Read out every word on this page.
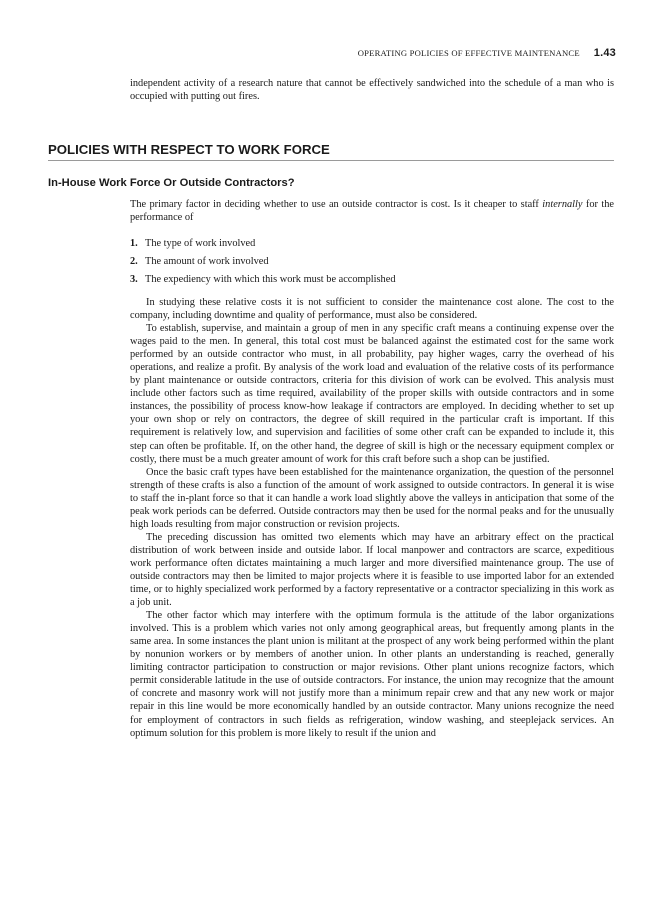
OPERATING POLICIES OF EFFECTIVE MAINTENANCE 1.43

independent activity of a research nature that cannot be effectively sandwiched into the schedule of a man who is occupied with putting out fires.

POLICIES WITH RESPECT TO WORK FORCE
In-House Work Force Or Outside Contractors?

The primary factor in deciding whether to use an outside contractor is cost. Is it cheaper to staff internally for the performance of

1. The type of work involved
2. The amount of work involved
3. The expediency with which this work must be accomplished

In studying these relative costs it is not sufficient to consider the maintenance cost alone. The cost to the company, including downtime and quality of performance, must also be considered.

To establish, supervise, and maintain a group of men in any specific craft means a continuing expense over the wages paid to the men. In general, this total cost must be balanced against the estimated cost for the same work performed by an outside contractor who must, in all probability, pay higher wages, carry the overhead of his operations, and realize a profit. By analysis of the work load and evaluation of the relative costs of its performance by plant maintenance or outside contractors, criteria for this division of work can be evolved. This analysis must include other factors such as time required, availability of the proper skills with outside contractors and in some instances, the possibility of process know-how leakage if contractors are employed. In deciding whether to set up your own shop or rely on contractors, the degree of skill required in the particular craft is important. If this requirement is relatively low, and supervision and facilities of some other craft can be expanded to include it, this step can often be profitable. If, on the other hand, the degree of skill is high or the necessary equipment complex or costly, there must be a much greater amount of work for this craft before such a shop can be justified.

Once the basic craft types have been established for the maintenance organization, the question of the personnel strength of these crafts is also a function of the amount of work assigned to outside contractors. In general it is wise to staff the in-plant force so that it can handle a work load slightly above the valleys in anticipation that some of the peak work periods can be deferred. Outside contractors may then be used for the normal peaks and for the unusually high loads resulting from major construction or revision projects.

The preceding discussion has omitted two elements which may have an arbitrary effect on the practical distribution of work between inside and outside labor. If local manpower and contractors are scarce, expeditious work performance often dictates maintaining a much larger and more diversified maintenance group. The use of outside contractors may then be limited to major projects where it is feasible to use imported labor for an extended time, or to highly specialized work performed by a factory representative or a contractor specializing in this work as a job unit.

The other factor which may interfere with the optimum formula is the attitude of the labor organizations involved. This is a problem which varies not only among geographical areas, but frequently among plants in the same area. In some instances the plant union is militant at the prospect of any work being performed within the plant by nonunion workers or by members of another union. In other plants an understanding is reached, generally limiting contractor participation to construction or major revisions. Other plant unions recognize factors, which permit considerable latitude in the use of outside contractors. For instance, the union may recognize that the amount of concrete and masonry work will not justify more than a minimum repair crew and that any new work or major repair in this line would be more economically handled by an outside contractor. Many unions recognize the need for employment of contractors in such fields as refrigeration, window washing, and steeplejack services. An optimum solution for this problem is more likely to result if the union and
